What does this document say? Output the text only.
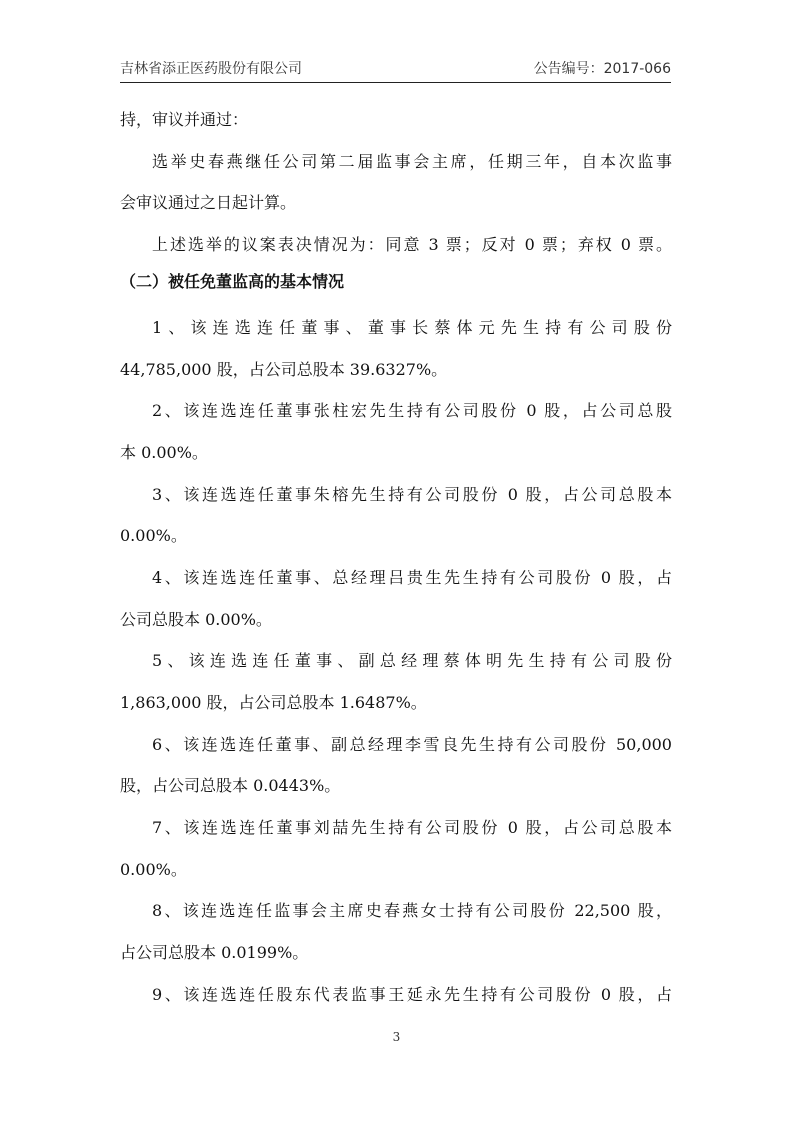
吉林省添正医药股份有限公司	公告编号：2017-066
持，审议并通过：
选举史春燕继任公司第二届监事会主席，任期三年，自本次监事
会审议通过之日起计算。
上述选举的议案表决情况为：同意 3 票；反对 0 票；弃权 0 票。
（二）被任免董监高的基本情况
1、该连选连任董事、董事长蔡体元先生持有公司股份
44,785,000 股，占公司总股本 39.6327%。
2、该连选连任董事张柱宏先生持有公司股份 0 股，占公司总股
本 0.00%。
3、该连选连任董事朱榕先生持有公司股份 0 股，占公司总股本
0.00%。
4、该连选连任董事、总经理吕贵生先生持有公司股份 0 股，占
公司总股本 0.00%。
5、该连选连任董事、副总经理蔡体明先生持有公司股份
1,863,000 股，占公司总股本 1.6487%。
6、该连选连任董事、副总经理李雪良先生持有公司股份 50,000
股，占公司总股本 0.0443%。
7、该连选连任董事刘喆先生持有公司股份 0 股，占公司总股本
0.00%。
8、该连选连任监事会主席史春燕女士持有公司股份 22,500 股，
占公司总股本 0.0199%。
9、该连选连任股东代表监事王延永先生持有公司股份 0 股，占
3
